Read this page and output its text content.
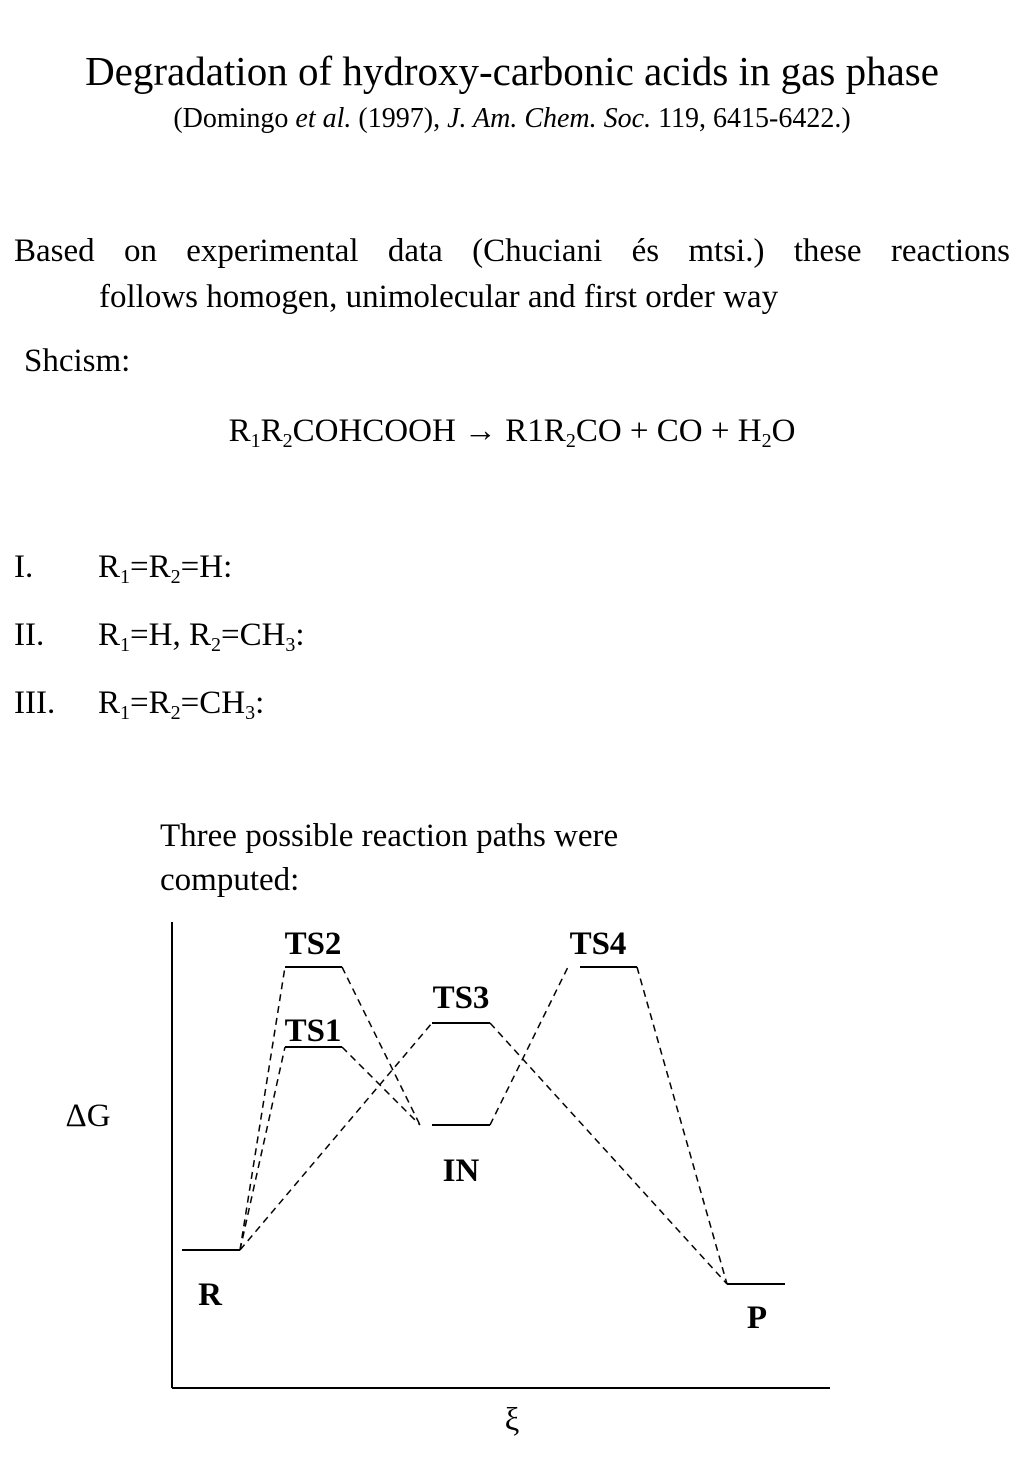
Degradation of hydroxy-carbonic acids in gas phase
(Domingo et al. (1997), J. Am. Chem. Soc. 119, 6415-6422.)
Based on experimental data (Chuciani és mtsi.) these reactions
follows homogen, unimolecular and first order way
Shcism:
$R_1R_2COHCOOH \to R1R_2CO$ + CO + $H_2O$
I. $R_1=R_2=H$:
II. $R_1=H$, $R_2=CH_3$:
III. $R_1=R_2=CH_3$:
Three possible reaction paths were
computed:
TS2
TS1
TS3
TS4
IN
R
P
ΔG
ξ
